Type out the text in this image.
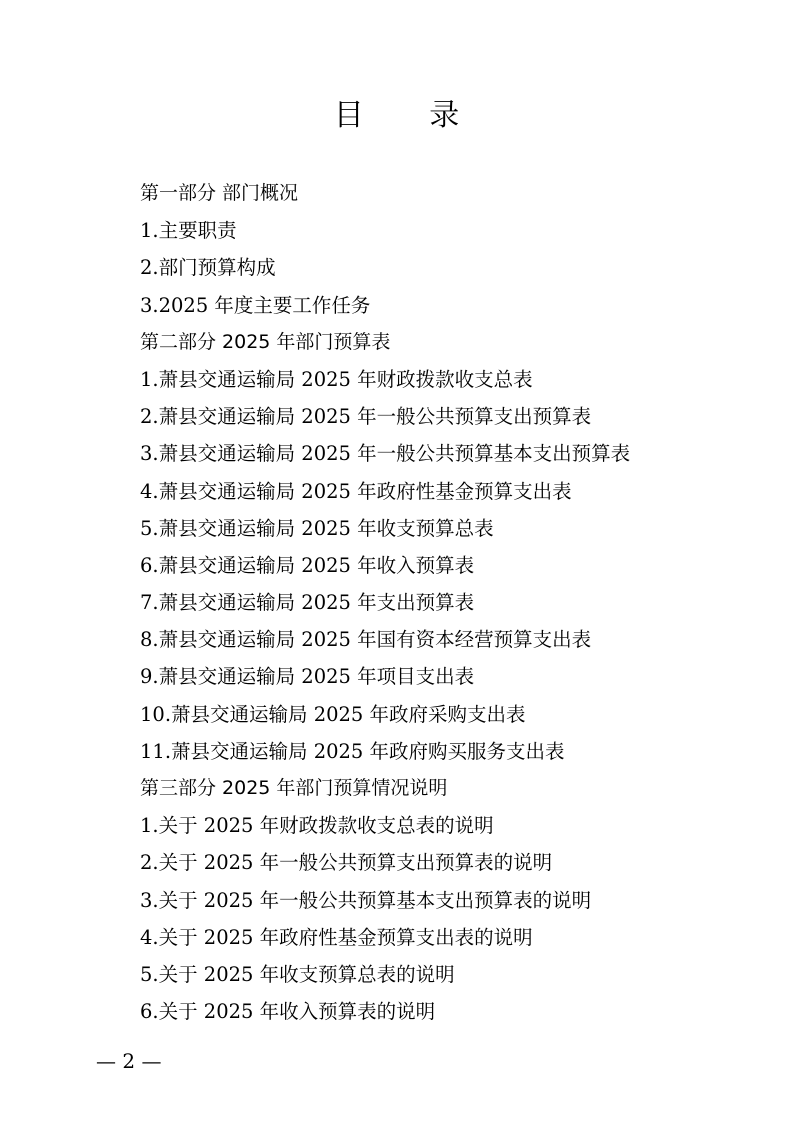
目 录
第一部分 部门概况
1.主要职责
2.部门预算构成
3.2025 年度主要工作任务
第二部分 2025 年部门预算表
1.萧县交通运输局 2025 年财政拨款收支总表
2.萧县交通运输局 2025 年一般公共预算支出预算表
3.萧县交通运输局 2025 年一般公共预算基本支出预算表
4.萧县交通运输局 2025 年政府性基金预算支出表
5.萧县交通运输局 2025 年收支预算总表
6.萧县交通运输局 2025 年收入预算表
7.萧县交通运输局 2025 年支出预算表
8.萧县交通运输局 2025 年国有资本经营预算支出表
9.萧县交通运输局 2025 年项目支出表
10.萧县交通运输局 2025 年政府采购支出表
11.萧县交通运输局 2025 年政府购买服务支出表
第三部分 2025 年部门预算情况说明
1.关于 2025 年财政拨款收支总表的说明
2.关于 2025 年一般公共预算支出预算表的说明
3.关于 2025 年一般公共预算基本支出预算表的说明
4.关于 2025 年政府性基金预算支出表的说明
5.关于 2025 年收支预算总表的说明
6.关于 2025 年收入预算表的说明
— 2 —
